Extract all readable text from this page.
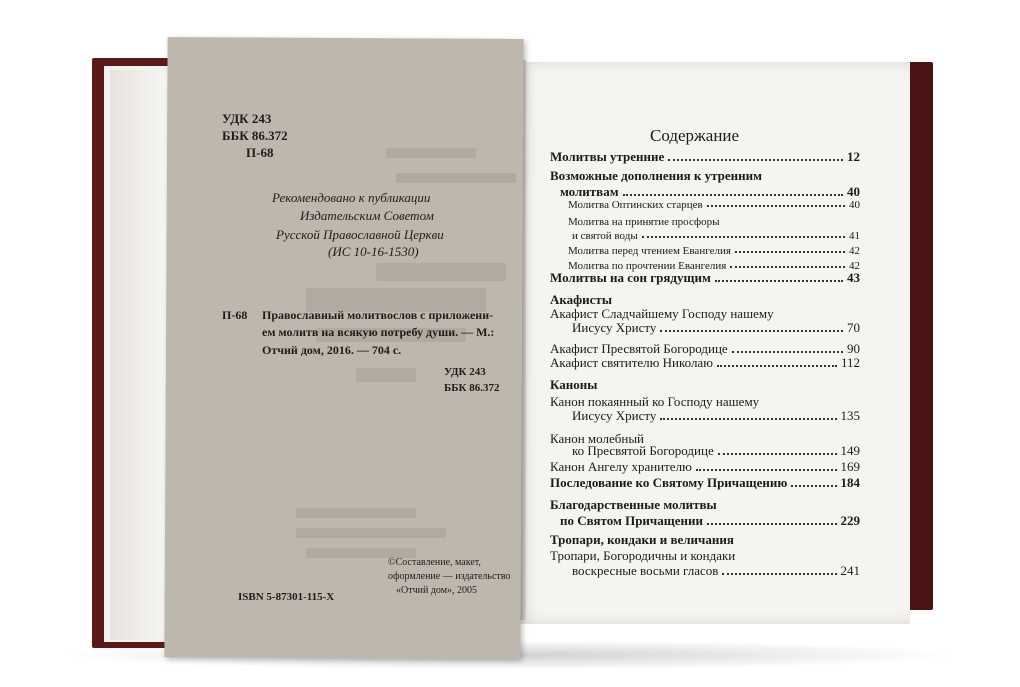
УДК 243
ББК 86.372
П-68
Рекомендовано к публикации
Издательским Советом
Русской Православной Церкви
(ИС 10-16-1530)
П-68 Православный молитвослов с приложени-
ем молитв на всякую потребу души. — М.:
Отчий дом, 2016. — 704 с.
УДК 243
ББК 86.372
©Составление, макет,
оформление — издательство
«Отчий дом», 2005
ISBN 5-87301-115-X
Содержание
Молитвы утренние	12
Возможные дополнения к утренним
молитвам	40
Молитва Оптинских старцев	40
Молитва на принятие просфоры
и святой воды	41
Молитва перед чтением Евангелия	42
Молитва по прочтении Евангелия	42
Молитвы на сон грядущим	43
Акафисты
Акафист Сладчайшему Господу нашему
Иисусу Христу	70
Акафист Пресвятой Богородице	90
Акафист святителю Николаю	112
Каноны
Канон покаянный ко Господу нашему
Иисусу Христу	135
Канон молебный
ко Пресвятой Богородице	149
Канон Ангелу хранителю	169
Последование ко Святому Причащению	184
Благодарственные молитвы
по Святом Причащении	229
Тропари, кондаки и величания
Тропари, Богородичны и кондаки
воскресные восьми гласов	241
